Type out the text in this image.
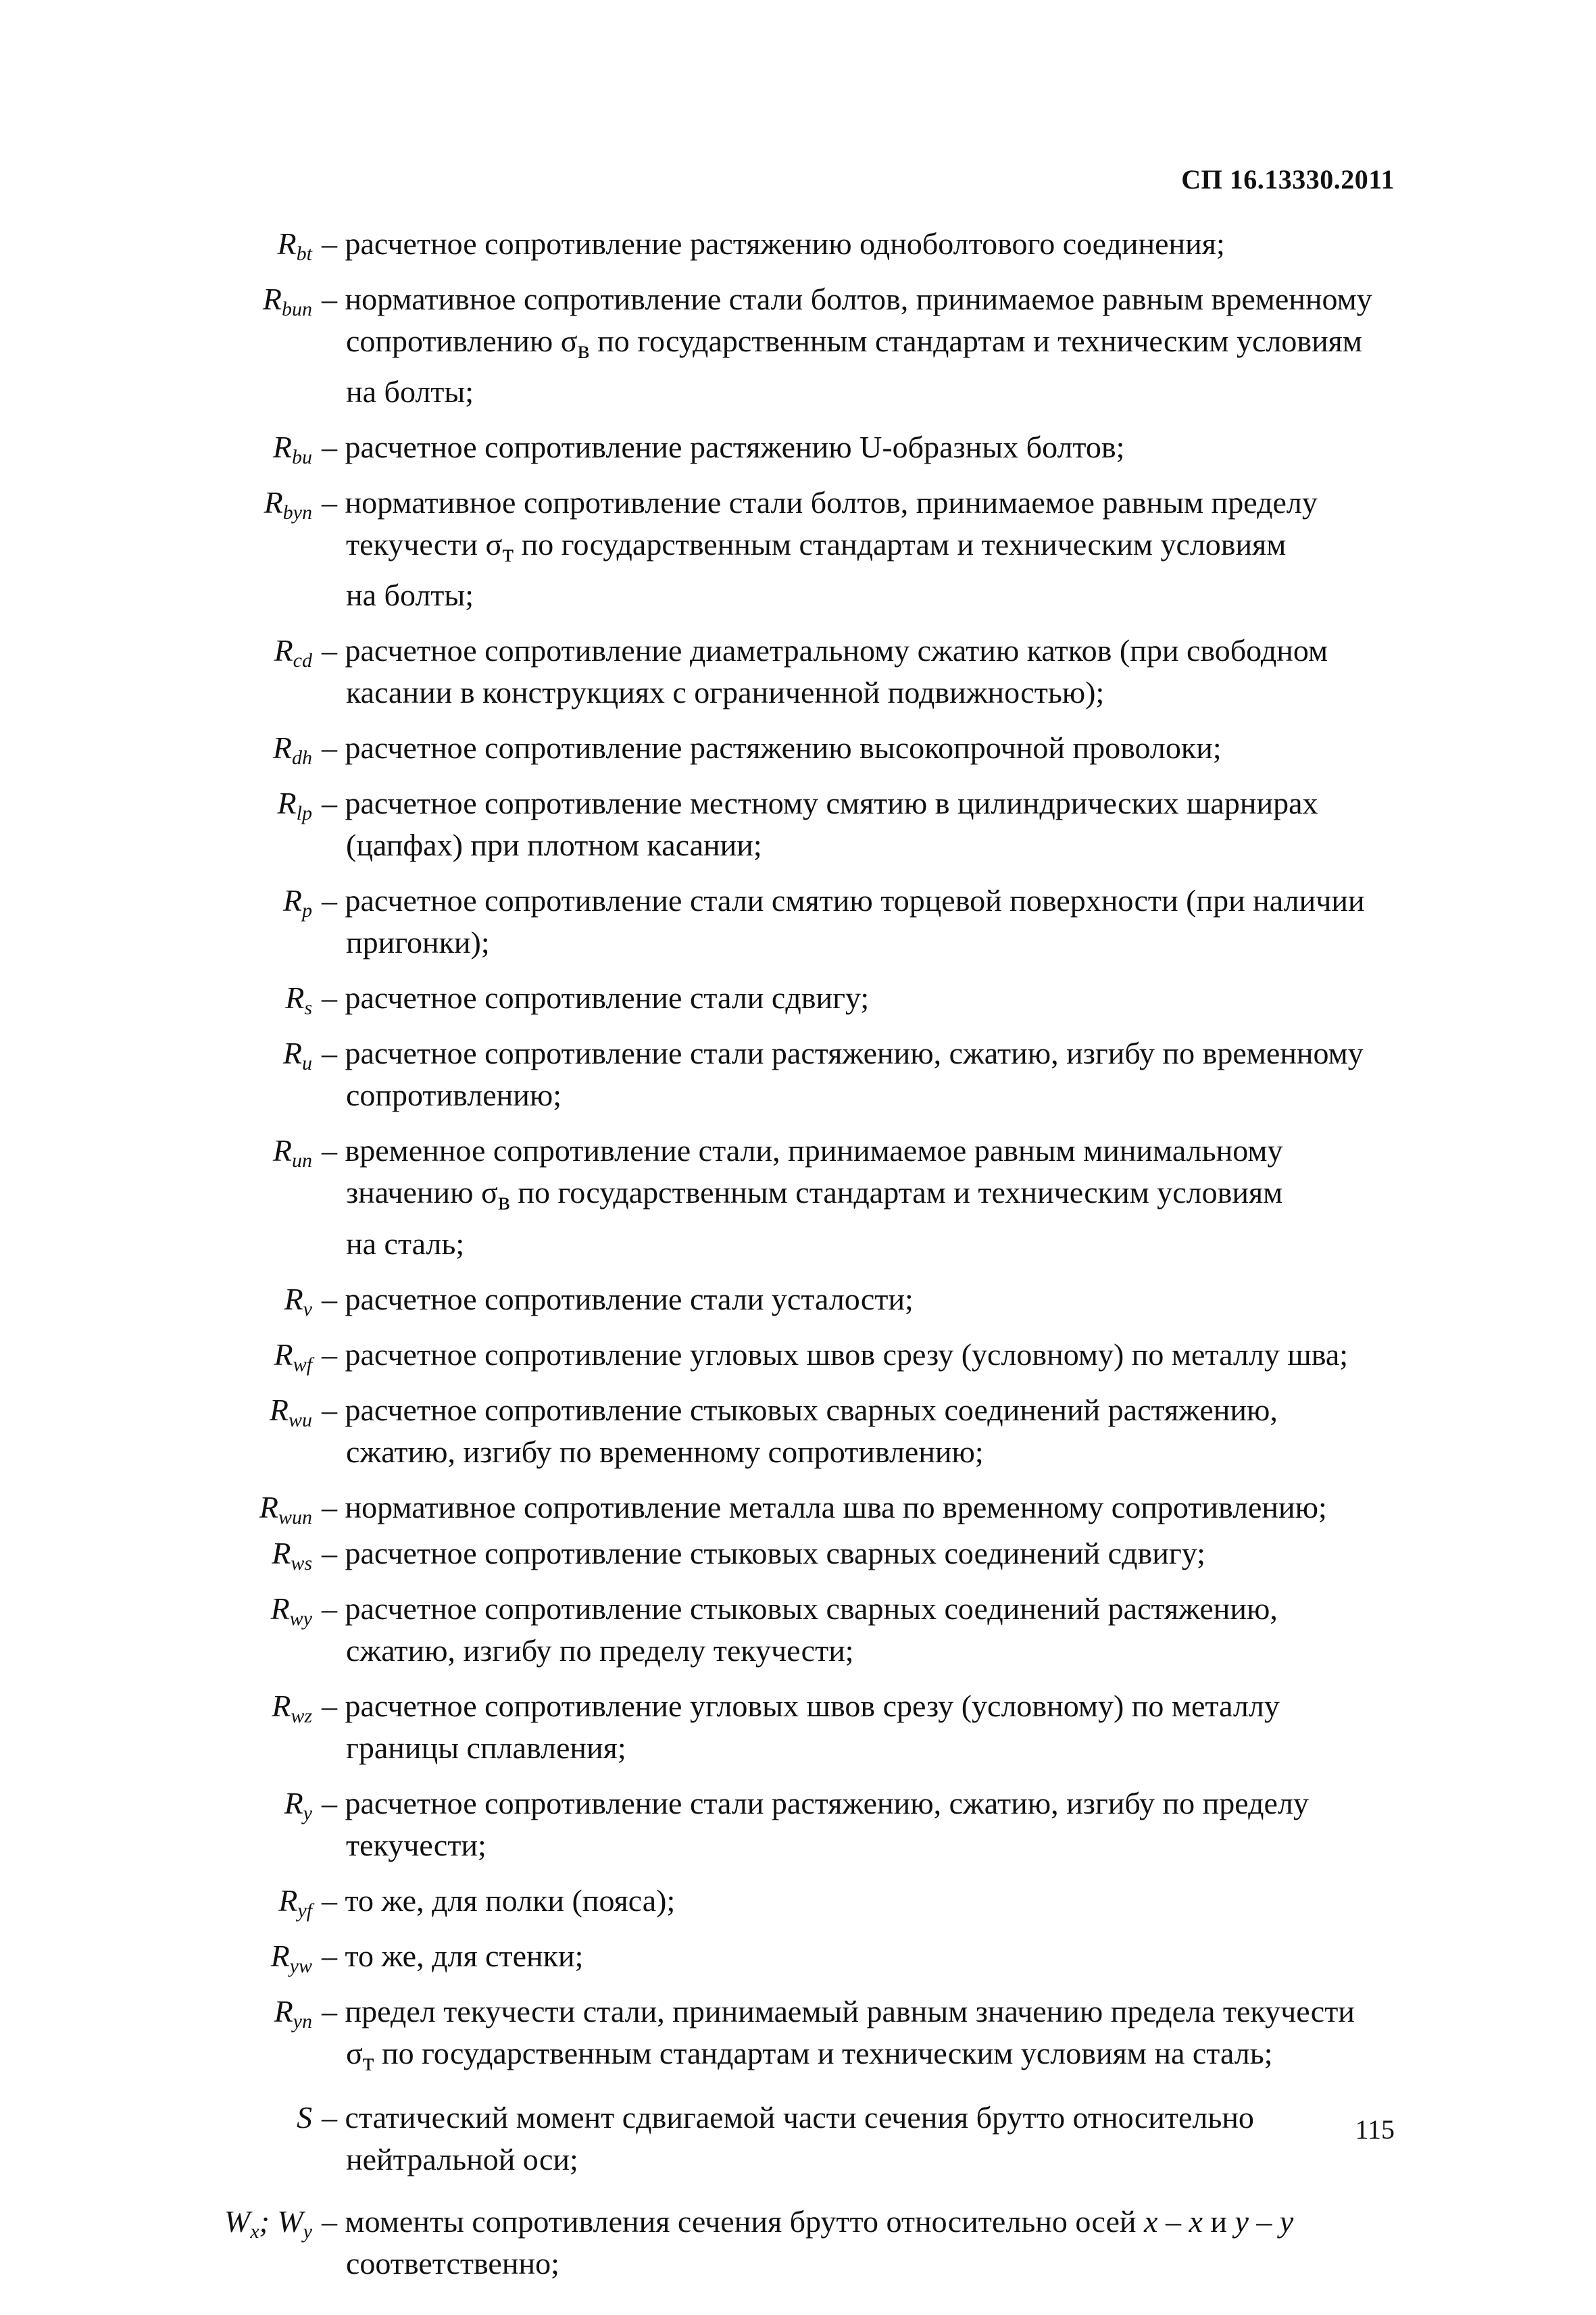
СП 16.13330.2011
$R_{bt}$ – расчетное сопротивление растяжению одноболтового соединения;
$R_{bun}$ – нормативное сопротивление стали болтов, принимаемое равным временному
сопротивлению $\sigma_в$ по государственным стандартам и техническим условиям
на болты;
$R_{bu}$ – расчетное сопротивление растяжению U-образных болтов;
$R_{byn}$ – нормативное сопротивление стали болтов, принимаемое равным пределу
текучести $\sigma_т$ по государственным стандартам и техническим условиям
на болты;
$R_{cd}$ – расчетное сопротивление диаметральному сжатию катков (при свободном
касании в конструкциях с ограниченной подвижностью);
$R_{dh}$ – расчетное сопротивление растяжению высокопрочной проволоки;
$R_{lp}$ – расчетное сопротивление местному смятию в цилиндрических шарнирах
(цапфах) при плотном касании;
$R_p$ – расчетное сопротивление стали смятию торцевой поверхности (при наличии
пригонки);
$R_s$ – расчетное сопротивление стали сдвигу;
$R_u$ – расчетное сопротивление стали растяжению, сжатию, изгибу по временному
сопротивлению;
$R_{un}$ – временное сопротивление стали, принимаемое равным минимальному
значению $\sigma_в$ по государственным стандартам и техническим условиям
на сталь;
$R_v$ – расчетное сопротивление стали усталости;
$R_{wf}$ – расчетное сопротивление угловых швов срезу (условному) по металлу шва;
$R_{wu}$ – расчетное сопротивление стыковых сварных соединений растяжению,
сжатию, изгибу по временному сопротивлению;
$R_{wun}$ – нормативное сопротивление металла шва по временному сопротивлению;
$R_{ws}$ – расчетное сопротивление стыковых сварных соединений сдвигу;
$R_{wy}$ – расчетное сопротивление стыковых сварных соединений растяжению,
сжатию, изгибу по пределу текучести;
$R_{wz}$ – расчетное сопротивление угловых швов срезу (условному) по металлу
границы сплавления;
$R_y$ – расчетное сопротивление стали растяжению, сжатию, изгибу по пределу
текучести;
$R_{yf}$ – то же, для полки (пояса);
$R_{yw}$ – то же, для стенки;
$R_{yn}$ – предел текучести стали, принимаемый равным значению предела текучести
$\sigma_т$ по государственным стандартам и техническим условиям на сталь;
S – статический момент сдвигаемой части сечения брутто относительно
нейтральной оси;
$W_x$; $W_y$ – моменты сопротивления сечения брутто относительно осей x – x и y – y
соответственно;
115
